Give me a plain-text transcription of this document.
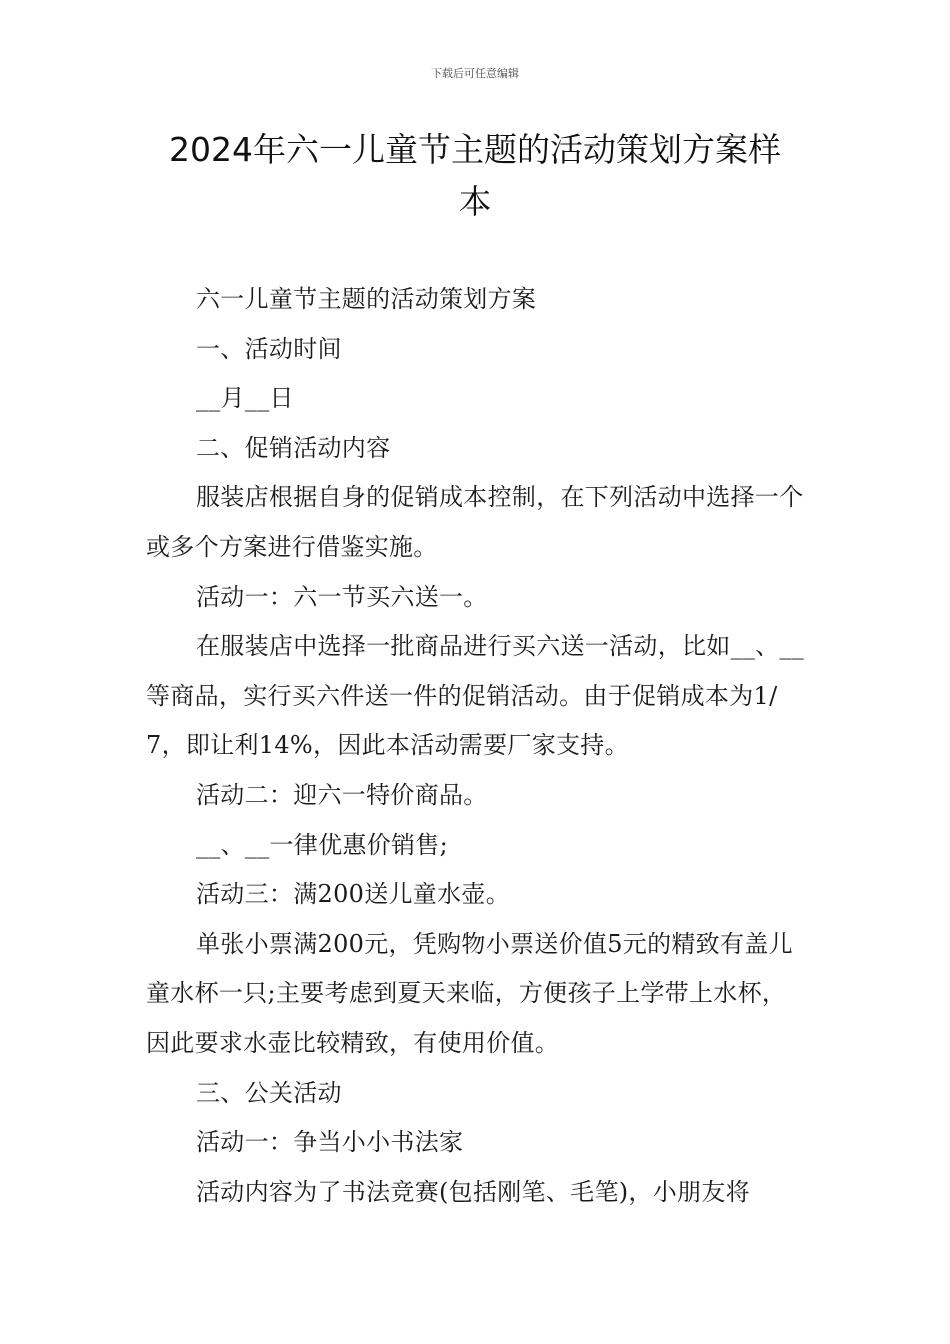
下载后可任意编辑
2024年六一儿童节主题的活动策划方案样
本

六一儿童节主题的活动策划方案

一、活动时间

__月__日

二、促销活动内容

服装店根据自身的促销成本控制，在下列活动中选择一个或多个方案进行借鉴实施。

活动一：六一节买六送一。

在服装店中选择一批商品进行买六送一活动，比如__、__等商品，实行买六件送一件的促销活动。由于促销成本为1/7，即让利14%，因此本活动需要厂家支持。

活动二：迎六一特价商品。

__、__一律优惠价销售;

活动三：满200送儿童水壶。

单张小票满200元，凭购物小票送价值5元的精致有盖儿童水杯一只;主要考虑到夏天来临，方便孩子上学带上水杯，因此要求水壶比较精致，有使用价值。

三、公关活动

活动一：争当小小书法家

活动内容为了书法竞赛(包括刚笔、毛笔)，小朋友将
